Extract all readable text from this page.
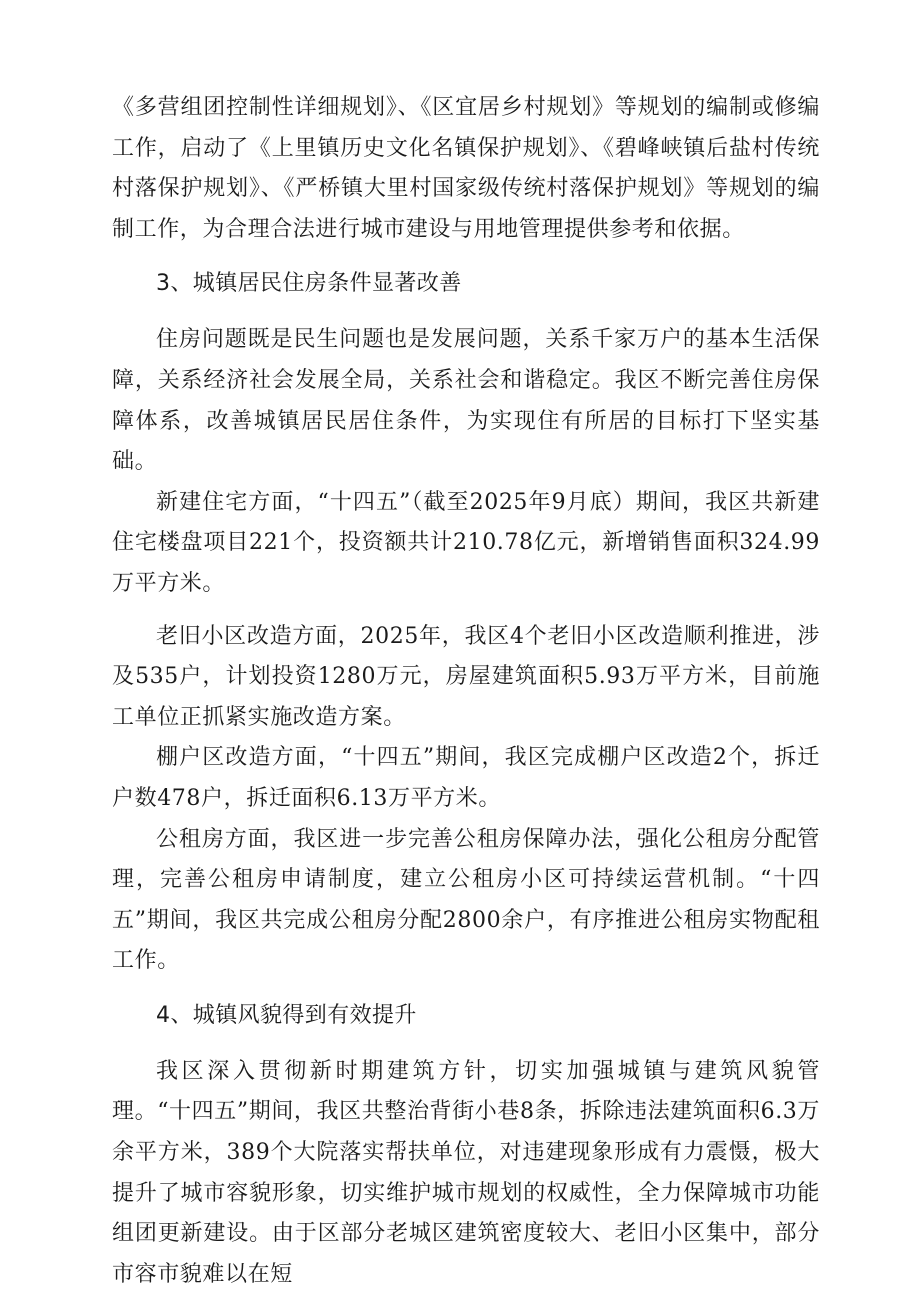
《多营组团控制性详细规划》、《区宜居乡村规划》等规划的编制或修编工作，启动了《上里镇历史文化名镇保护规划》、《碧峰峡镇后盐村传统村落保护规划》、《严桥镇大里村国家级传统村落保护规划》等规划的编制工作，为合理合法进行城市建设与用地管理提供参考和依据。

3、城镇居民住房条件显著改善

住房问题既是民生问题也是发展问题，关系千家万户的基本生活保障，关系经济社会发展全局，关系社会和谐稳定。我区不断完善住房保障体系，改善城镇居民居住条件，为实现住有所居的目标打下坚实基础。

新建住宅方面，“十四五”（截至2025年9月底）期间，我区共新建住宅楼盘项目221个，投资额共计210.78亿元，新增销售面积324.99万平方米。

老旧小区改造方面，2025年，我区4个老旧小区改造顺利推进，涉及535户，计划投资1280万元，房屋建筑面积5.93万平方米，目前施工单位正抓紧实施改造方案。

棚户区改造方面，“十四五”期间，我区完成棚户区改造2个，拆迁户数478户，拆迁面积6.13万平方米。

公租房方面，我区进一步完善公租房保障办法，强化公租房分配管理，完善公租房申请制度，建立公租房小区可持续运营机制。“十四五”期间，我区共完成公租房分配2800余户，有序推进公租房实物配租工作。

4、城镇风貌得到有效提升

我区深入贯彻新时期建筑方针，切实加强城镇与建筑风貌管理。“十四五”期间，我区共整治背街小巷8条，拆除违法建筑面积6.3万余平方米，389个大院落实帮扶单位，对违建现象形成有力震慑，极大提升了城市容貌形象，切实维护城市规划的权威性，全力保障城市功能组团更新建设。由于区部分老城区建筑密度较大、老旧小区集中，部分市容市貌难以在短
